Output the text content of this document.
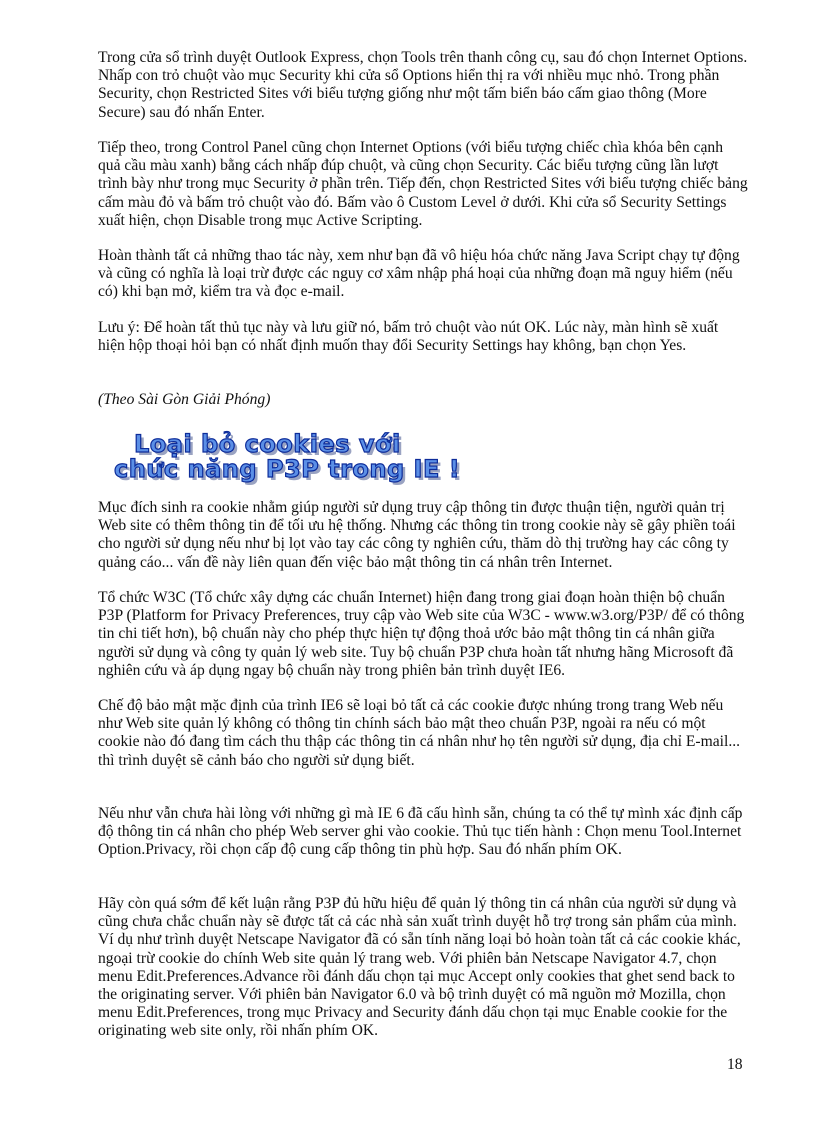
Trong cửa sổ trình duyệt Outlook Express, chọn Tools trên thanh công cụ, sau đó chọn Internet Options. Nhấp con trỏ chuột vào mục Security khi cửa sổ Options hiển thị ra với nhiều mục nhỏ. Trong phần Security, chọn Restricted Sites với biểu tượng giống như một tấm biển báo cấm giao thông (More Secure) sau đó nhấn Enter.

Tiếp theo, trong Control Panel cũng chọn Internet Options (với biểu tượng chiếc chìa khóa bên cạnh quả cầu màu xanh) bằng cách nhấp đúp chuột, và cũng chọn Security. Các biểu tượng cũng lần lượt trình bày như trong mục Security ở phần trên. Tiếp đến, chọn Restricted Sites với biểu tượng chiếc bảng cấm màu đỏ và bấm trỏ chuột vào đó. Bấm vào ô Custom Level ở dưới. Khi cửa sổ Security Settings xuất hiện, chọn Disable trong mục Active Scripting.

Hoàn thành tất cả những thao tác này, xem như bạn đã vô hiệu hóa chức năng Java Script chạy tự động và cũng có nghĩa là loại trừ được các nguy cơ xâm nhập phá hoại của những đoạn mã nguy hiểm (nếu có) khi bạn mở, kiểm tra và đọc e-mail.

Lưu ý: Để hoàn tất thủ tục này và lưu giữ nó, bấm trỏ chuột vào nút OK. Lúc này, màn hình sẽ xuất hiện hộp thoại hỏi bạn có nhất định muốn thay đổi Security Settings hay không, bạn chọn Yes.

(Theo Sài Gòn Giải Phóng)

Loại bỏ cookies với
chức năng P3P trong IE !

Mục đích sinh ra cookie nhằm giúp người sử dụng truy cập thông tin được thuận tiện, người quản trị Web site có thêm thông tin để tối ưu hệ thống. Nhưng các thông tin trong cookie này sẽ gây phiền toái cho người sử dụng nếu như bị lọt vào tay các công ty nghiên cứu, thăm dò thị trường hay các công ty quảng cáo... vấn đề này liên quan đến việc bảo mật thông tin cá nhân trên Internet.

Tổ chức W3C (Tổ chức xây dựng các chuẩn Internet) hiện đang trong giai đoạn hoàn thiện bộ chuẩn P3P (Platform for Privacy Preferences, truy cập vào Web site của W3C - www.w3.org/P3P/ để có thông tin chi tiết hơn), bộ chuẩn này cho phép thực hiện tự động thoả ước bảo mật thông tin cá nhân giữa người sử dụng và công ty quản lý web site. Tuy bộ chuẩn P3P chưa hoàn tất nhưng hãng Microsoft đã nghiên cứu và áp dụng ngay bộ chuẩn này trong phiên bản trình duyệt IE6.

Chế độ bảo mật mặc định của trình IE6 sẽ loại bỏ tất cả các cookie được nhúng trong trang Web nếu như Web site quản lý không có thông tin chính sách bảo mật theo chuẩn P3P, ngoài ra nếu có một cookie nào đó đang tìm cách thu thập các thông tin cá nhân như họ tên người sử dụng, địa chỉ E-mail... thì trình duyệt sẽ cảnh báo cho người sử dụng biết.

Nếu như vẫn chưa hài lòng với những gì mà IE 6 đã cấu hình sẵn, chúng ta có thể tự mình xác định cấp độ thông tin cá nhân cho phép Web server ghi vào cookie. Thủ tục tiến hành : Chọn menu Tool.Internet Option.Privacy, rồi chọn cấp độ cung cấp thông tin phù hợp. Sau đó nhấn phím OK.

Hãy còn quá sớm để kết luận rằng P3P đủ hữu hiệu để quản lý thông tin cá nhân của người sử dụng và cũng chưa chắc chuẩn này sẽ được tất cả các nhà sản xuất trình duyệt hỗ trợ trong sản phẩm của mình. Ví dụ như trình duyệt Netscape Navigator đã có sẵn tính năng loại bỏ hoàn toàn tất cả các cookie khác, ngoại trừ cookie do chính Web site quản lý trang web. Với phiên bản Netscape Navigator 4.7, chọn menu Edit.Preferences.Advance rồi đánh dấu chọn tại mục Accept only cookies that ghet send back to the originating server. Với phiên bản Navigator 6.0 và bộ trình duyệt có mã nguồn mở Mozilla, chọn menu Edit.Preferences, trong mục Privacy and Security đánh dấu chọn tại mục Enable cookie for the originating web site only, rồi nhấn phím OK.

18
